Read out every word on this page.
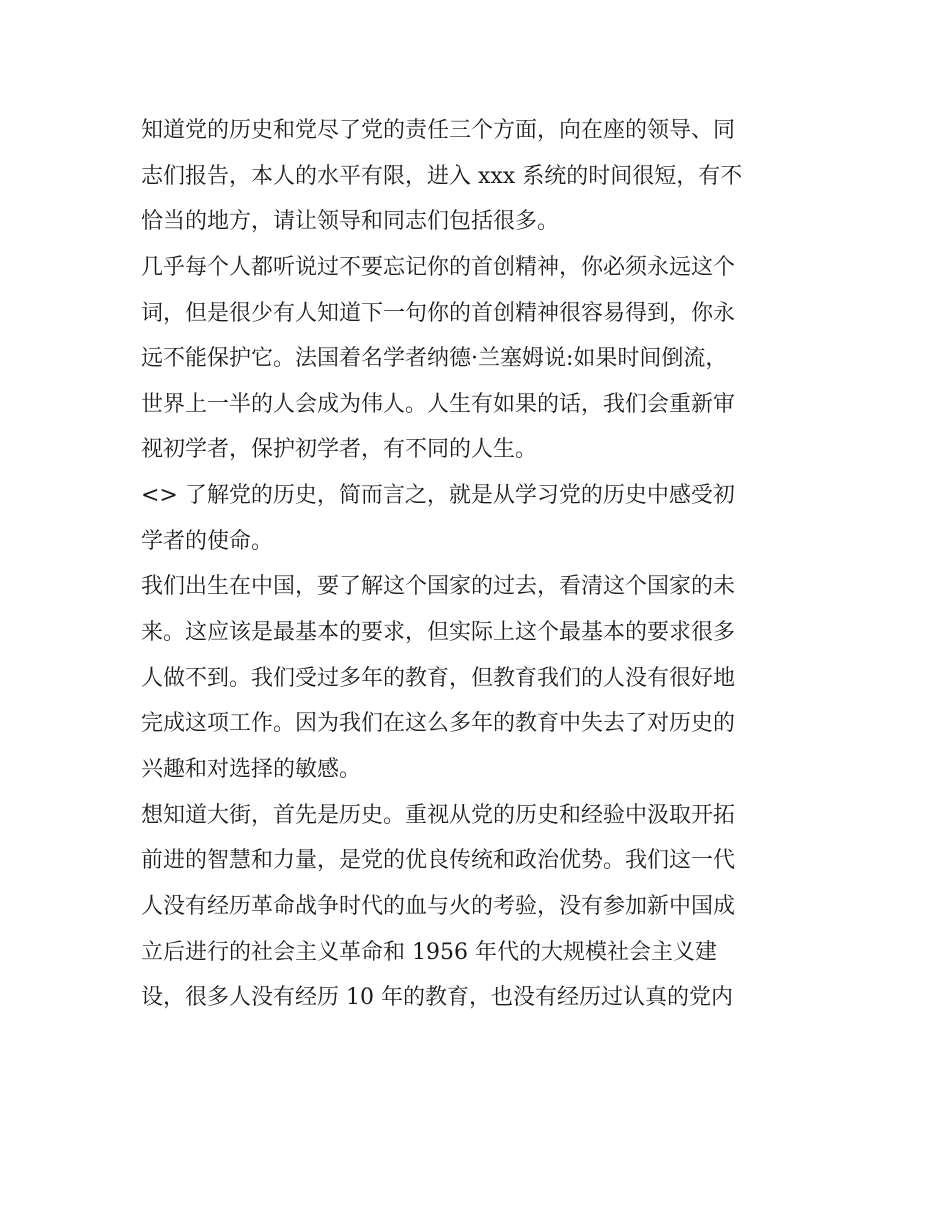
知道党的历史和党尽了党的责任三个方面，向在座的领导、同
志们报告，本人的水平有限，进入 xxx 系统的时间很短，有不
恰当的地方，请让领导和同志们包括很多。
几乎每个人都听说过不要忘记你的首创精神，你必须永远这个
词，但是很少有人知道下一句你的首创精神很容易得到，你永
远不能保护它。法国着名学者纳德·兰塞姆说:如果时间倒流，
世界上一半的人会成为伟人。人生有如果的话，我们会重新审
视初学者，保护初学者，有不同的人生。
<> 了解党的历史，简而言之，就是从学习党的历史中感受初
学者的使命。
我们出生在中国，要了解这个国家的过去，看清这个国家的未
来。这应该是最基本的要求，但实际上这个最基本的要求很多
人做不到。我们受过多年的教育，但教育我们的人没有很好地
完成这项工作。因为我们在这么多年的教育中失去了对历史的
兴趣和对选择的敏感。
想知道大街，首先是历史。重视从党的历史和经验中汲取开拓
前进的智慧和力量，是党的优良传统和政治优势。我们这一代
人没有经历革命战争时代的血与火的考验，没有参加新中国成
立后进行的社会主义革命和 1956 年代的大规模社会主义建
设，很多人没有经历 10 年的教育，也没有经历过认真的党内
